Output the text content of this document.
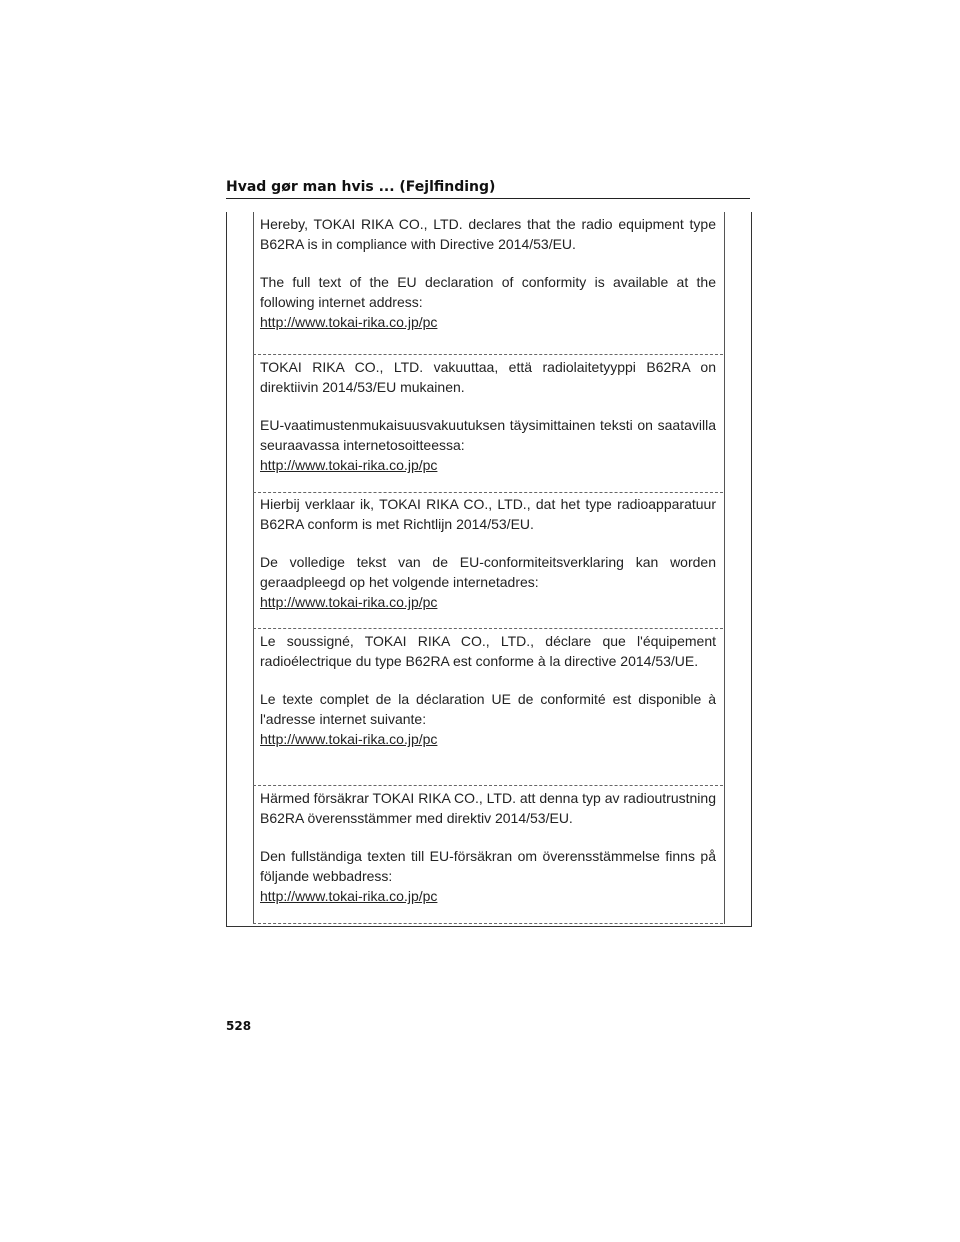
Hvad gør man hvis ... (Fejlfinding)

Hereby, TOKAI RIKA CO., LTD. declares that the radio equipment type B62RA is in compliance with Directive 2014/53/EU.

The full text of the EU declaration of conformity is available at the following internet address:

http://www.tokai-rika.co.jp/pc

TOKAI RIKA CO., LTD. vakuuttaa, että radiolaitetyyppi B62RA on direktiivin 2014/53/EU mukainen.

EU-vaatimustenmukaisuusvakuutuksen täysimittainen teksti on saatavilla seuraavassa internetosoitteessa:

http://www.tokai-rika.co.jp/pc

Hierbij verklaar ik, TOKAI RIKA CO., LTD., dat het type radioapparatuur B62RA conform is met Richtlijn 2014/53/EU.

De volledige tekst van de EU-conformiteitsverklaring kan worden geraadpleegd op het volgende internetadres:

http://www.tokai-rika.co.jp/pc

Le soussigné, TOKAI RIKA CO., LTD., déclare que l'équipement radioélectrique du type B62RA est conforme à la directive 2014/53/UE.

Le texte complet de la déclaration UE de conformité est disponible à l'adresse internet suivante:

http://www.tokai-rika.co.jp/pc

Härmed försäkrar TOKAI RIKA CO., LTD. att denna typ av radioutrustning B62RA överensstämmer med direktiv 2014/53/EU.

Den fullständiga texten till EU-försäkran om överensstämmelse finns på följande webbadress:

http://www.tokai-rika.co.jp/pc
528
